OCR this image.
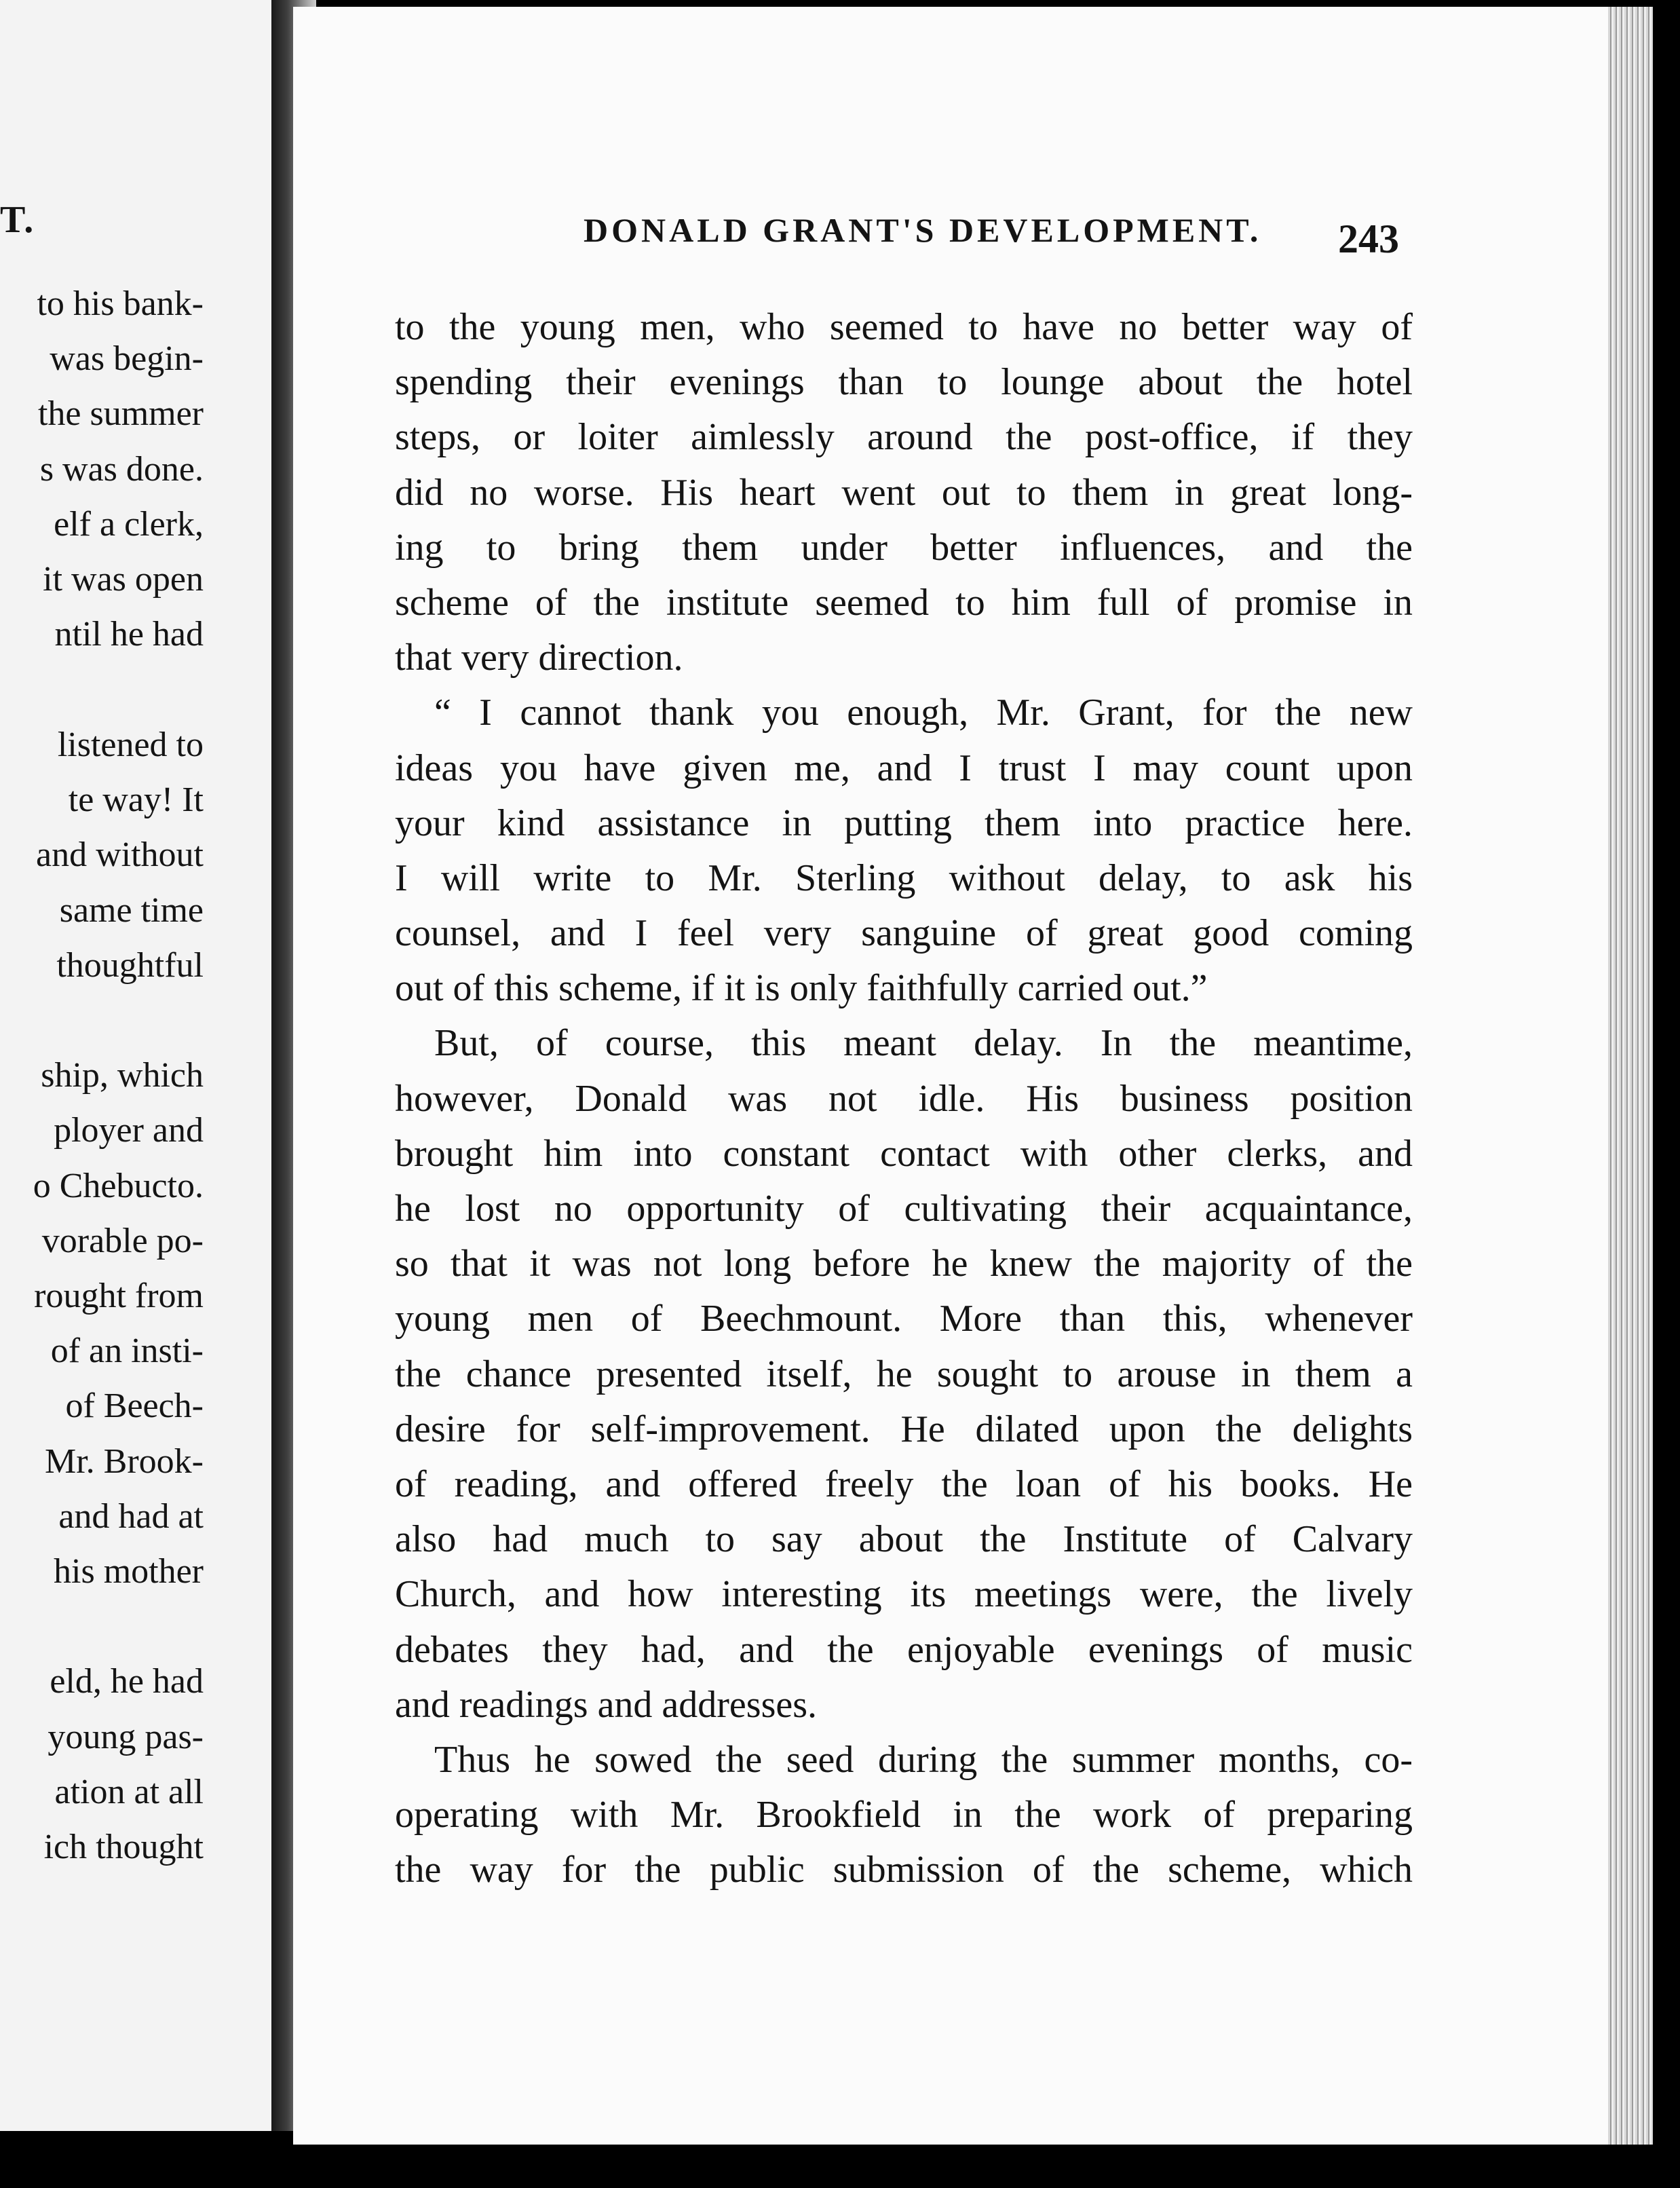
T.
to his bank-
was begin-
the summer
s was done.
elf a clerk,
it was open
ntil he had
listened to
te way! It
and without
same time
thoughtful
ship, which
ployer and
o Chebucto.
vorable po-
rought from
of an insti-
of Beech-
Mr. Brook-
and had at
his mother
eld, he had
young pas-
ation at all
ich thought
DONALD GRANT'S DEVELOPMENT. 243
to the young men, who seemed to have no better way of
spending their evenings than to lounge about the hotel
steps, or loiter aimlessly around the post-office, if they
did no worse. His heart went out to them in great long-
ing to bring them under better influences, and the
scheme of the institute seemed to him full of promise in
that very direction.
“ I cannot thank you enough, Mr. Grant, for the new
ideas you have given me, and I trust I may count upon
your kind assistance in putting them into practice here.
I will write to Mr. Sterling without delay, to ask his
counsel, and I feel very sanguine of great good coming
out of this scheme, if it is only faithfully carried out.”
But, of course, this meant delay. In the meantime,
however, Donald was not idle. His business position
brought him into constant contact with other clerks, and
he lost no opportunity of cultivating their acquaintance,
so that it was not long before he knew the majority of the
young men of Beechmount. More than this, whenever
the chance presented itself, he sought to arouse in them a
desire for self-improvement. He dilated upon the delights
of reading, and offered freely the loan of his books. He
also had much to say about the Institute of Calvary
Church, and how interesting its meetings were, the lively
debates they had, and the enjoyable evenings of music
and readings and addresses.
Thus he sowed the seed during the summer months, co-
operating with Mr. Brookfield in the work of preparing
the way for the public submission of the scheme, which
